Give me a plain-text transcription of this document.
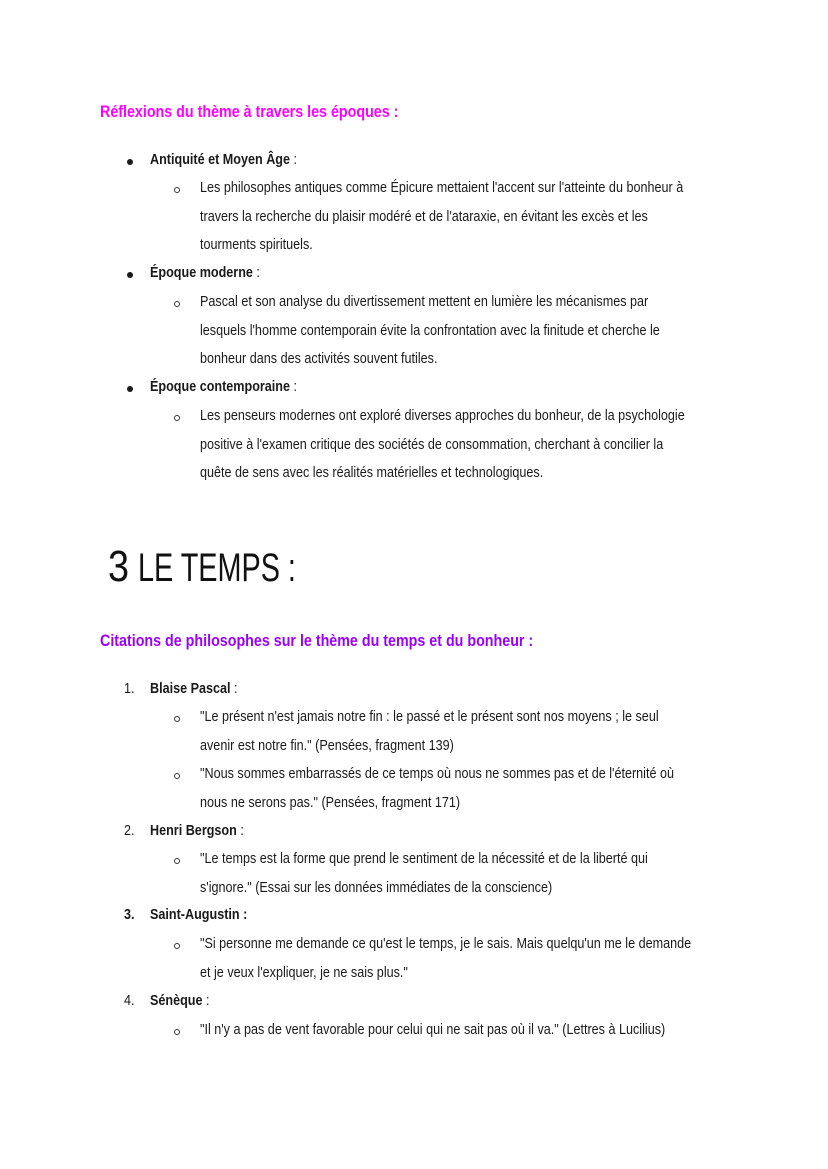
Réflexions du thème à travers les époques :
Antiquité et Moyen Âge :
Les philosophes antiques comme Épicure mettaient l'accent sur l'atteinte du bonheur à
travers la recherche du plaisir modéré et de l'ataraxie, en évitant les excès et les
tourments spirituels.
Époque moderne :
Pascal et son analyse du divertissement mettent en lumière les mécanismes par
lesquels l'homme contemporain évite la confrontation avec la finitude et cherche le
bonheur dans des activités souvent futiles.
Époque contemporaine :
Les penseurs modernes ont exploré diverses approches du bonheur, de la psychologie
positive à l'examen critique des sociétés de consommation, cherchant à concilier la
quête de sens avec les réalités matérielles et technologiques.
3 LE TEMPS :
Citations de philosophes sur le thème du temps et du bonheur :
1. Blaise Pascal :
"Le présent n'est jamais notre fin : le passé et le présent sont nos moyens ; le seul
avenir est notre fin." (Pensées, fragment 139)
"Nous sommes embarrassés de ce temps où nous ne sommes pas et de l'éternité où
nous ne serons pas." (Pensées, fragment 171)
2. Henri Bergson :
"Le temps est la forme que prend le sentiment de la nécessité et de la liberté qui
s'ignore." (Essai sur les données immédiates de la conscience)
3. Saint-Augustin :
"Si personne me demande ce qu'est le temps, je le sais. Mais quelqu'un me le demande
et je veux l'expliquer, je ne sais plus."
4. Sénèque :
"Il n'y a pas de vent favorable pour celui qui ne sait pas où il va." (Lettres à Lucilius)
